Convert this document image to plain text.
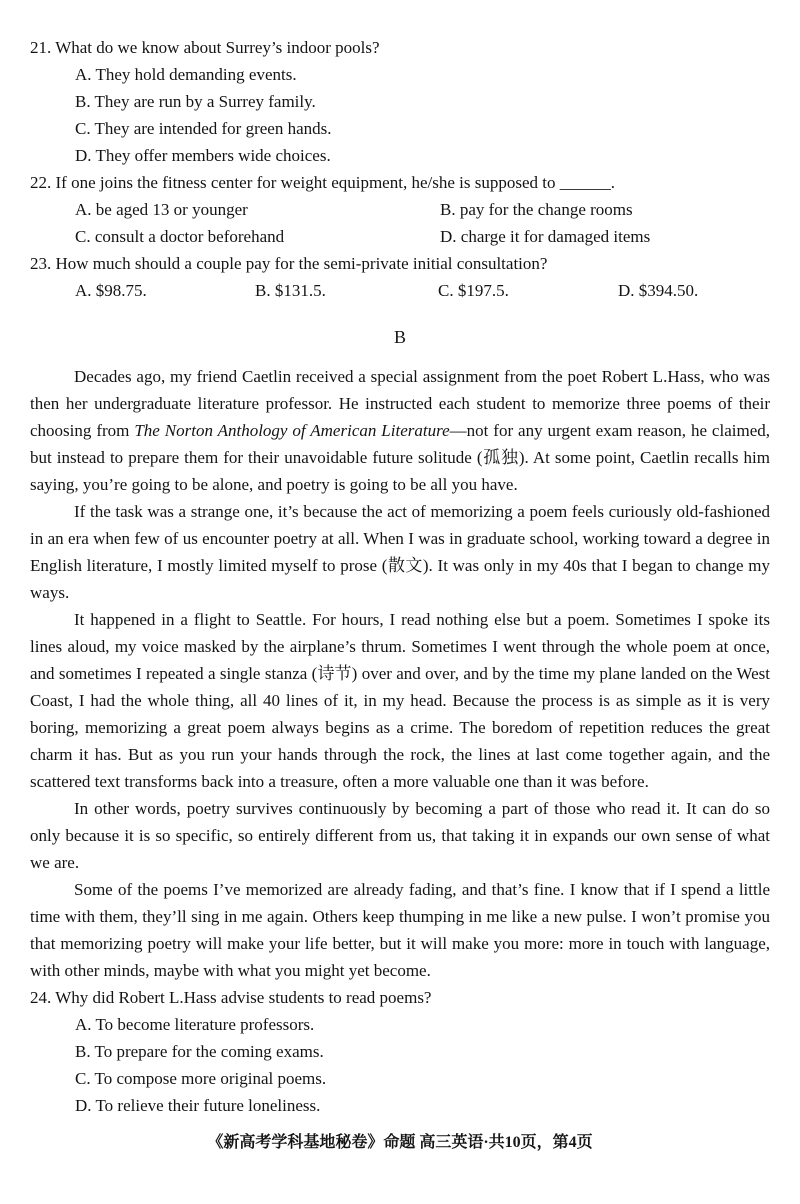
21. What do we know about Surrey’s indoor pools?
A. They hold demanding events.
B. They are run by a Surrey family.
C. They are intended for green hands.
D. They offer members wide choices.
22. If one joins the fitness center for weight equipment, he/she is supposed to ______.
A. be aged 13 or younger	B. pay for the change rooms
C. consult a doctor beforehand	D. charge it for damaged items
23. How much should a couple pay for the semi-private initial consultation?
A. $98.75.	B. $131.5.	C. $197.5.	D. $394.50.
B

Decades ago, my friend Caetlin received a special assignment from the poet Robert L.Hass, who was then her undergraduate literature professor. He instructed each student to memorize three poems of their choosing from The Norton Anthology of American Literature—not for any urgent exam reason, he claimed, but instead to prepare them for their unavoidable future solitude (孤独). At some point, Caetlin recalls him saying, you’re going to be alone, and poetry is going to be all you have.

If the task was a strange one, it’s because the act of memorizing a poem feels curiously old-fashioned in an era when few of us encounter poetry at all. When I was in graduate school, working toward a degree in English literature, I mostly limited myself to prose (散文). It was only in my 40s that I began to change my ways.

It happened in a flight to Seattle. For hours, I read nothing else but a poem. Sometimes I spoke its lines aloud, my voice masked by the airplane’s thrum. Sometimes I went through the whole poem at once, and sometimes I repeated a single stanza (诗节) over and over, and by the time my plane landed on the West Coast, I had the whole thing, all 40 lines of it, in my head. Because the process is as simple as it is very boring, memorizing a great poem always begins as a crime. The boredom of repetition reduces the great charm it has. But as you run your hands through the rock, the lines at last come together again, and the scattered text transforms back into a treasure, often a more valuable one than it was before.

In other words, poetry survives continuously by becoming a part of those who read it. It can do so only because it is so specific, so entirely different from us, that taking it in expands our own sense of what we are.

Some of the poems I’ve memorized are already fading, and that’s fine. I know that if I spend a little time with them, they’ll sing in me again. Others keep thumping in me like a new pulse. I won’t promise you that memorizing poetry will make your life better, but it will make you more: more in touch with language, with other minds, maybe with what you might yet become.

24. Why did Robert L.Hass advise students to read poems?
A. To become literature professors.
B. To prepare for the coming exams.
C. To compose more original poems.
D. To relieve their future loneliness.
《新高考学科基地秘卷》命题 高三英语·共10页，第4页
